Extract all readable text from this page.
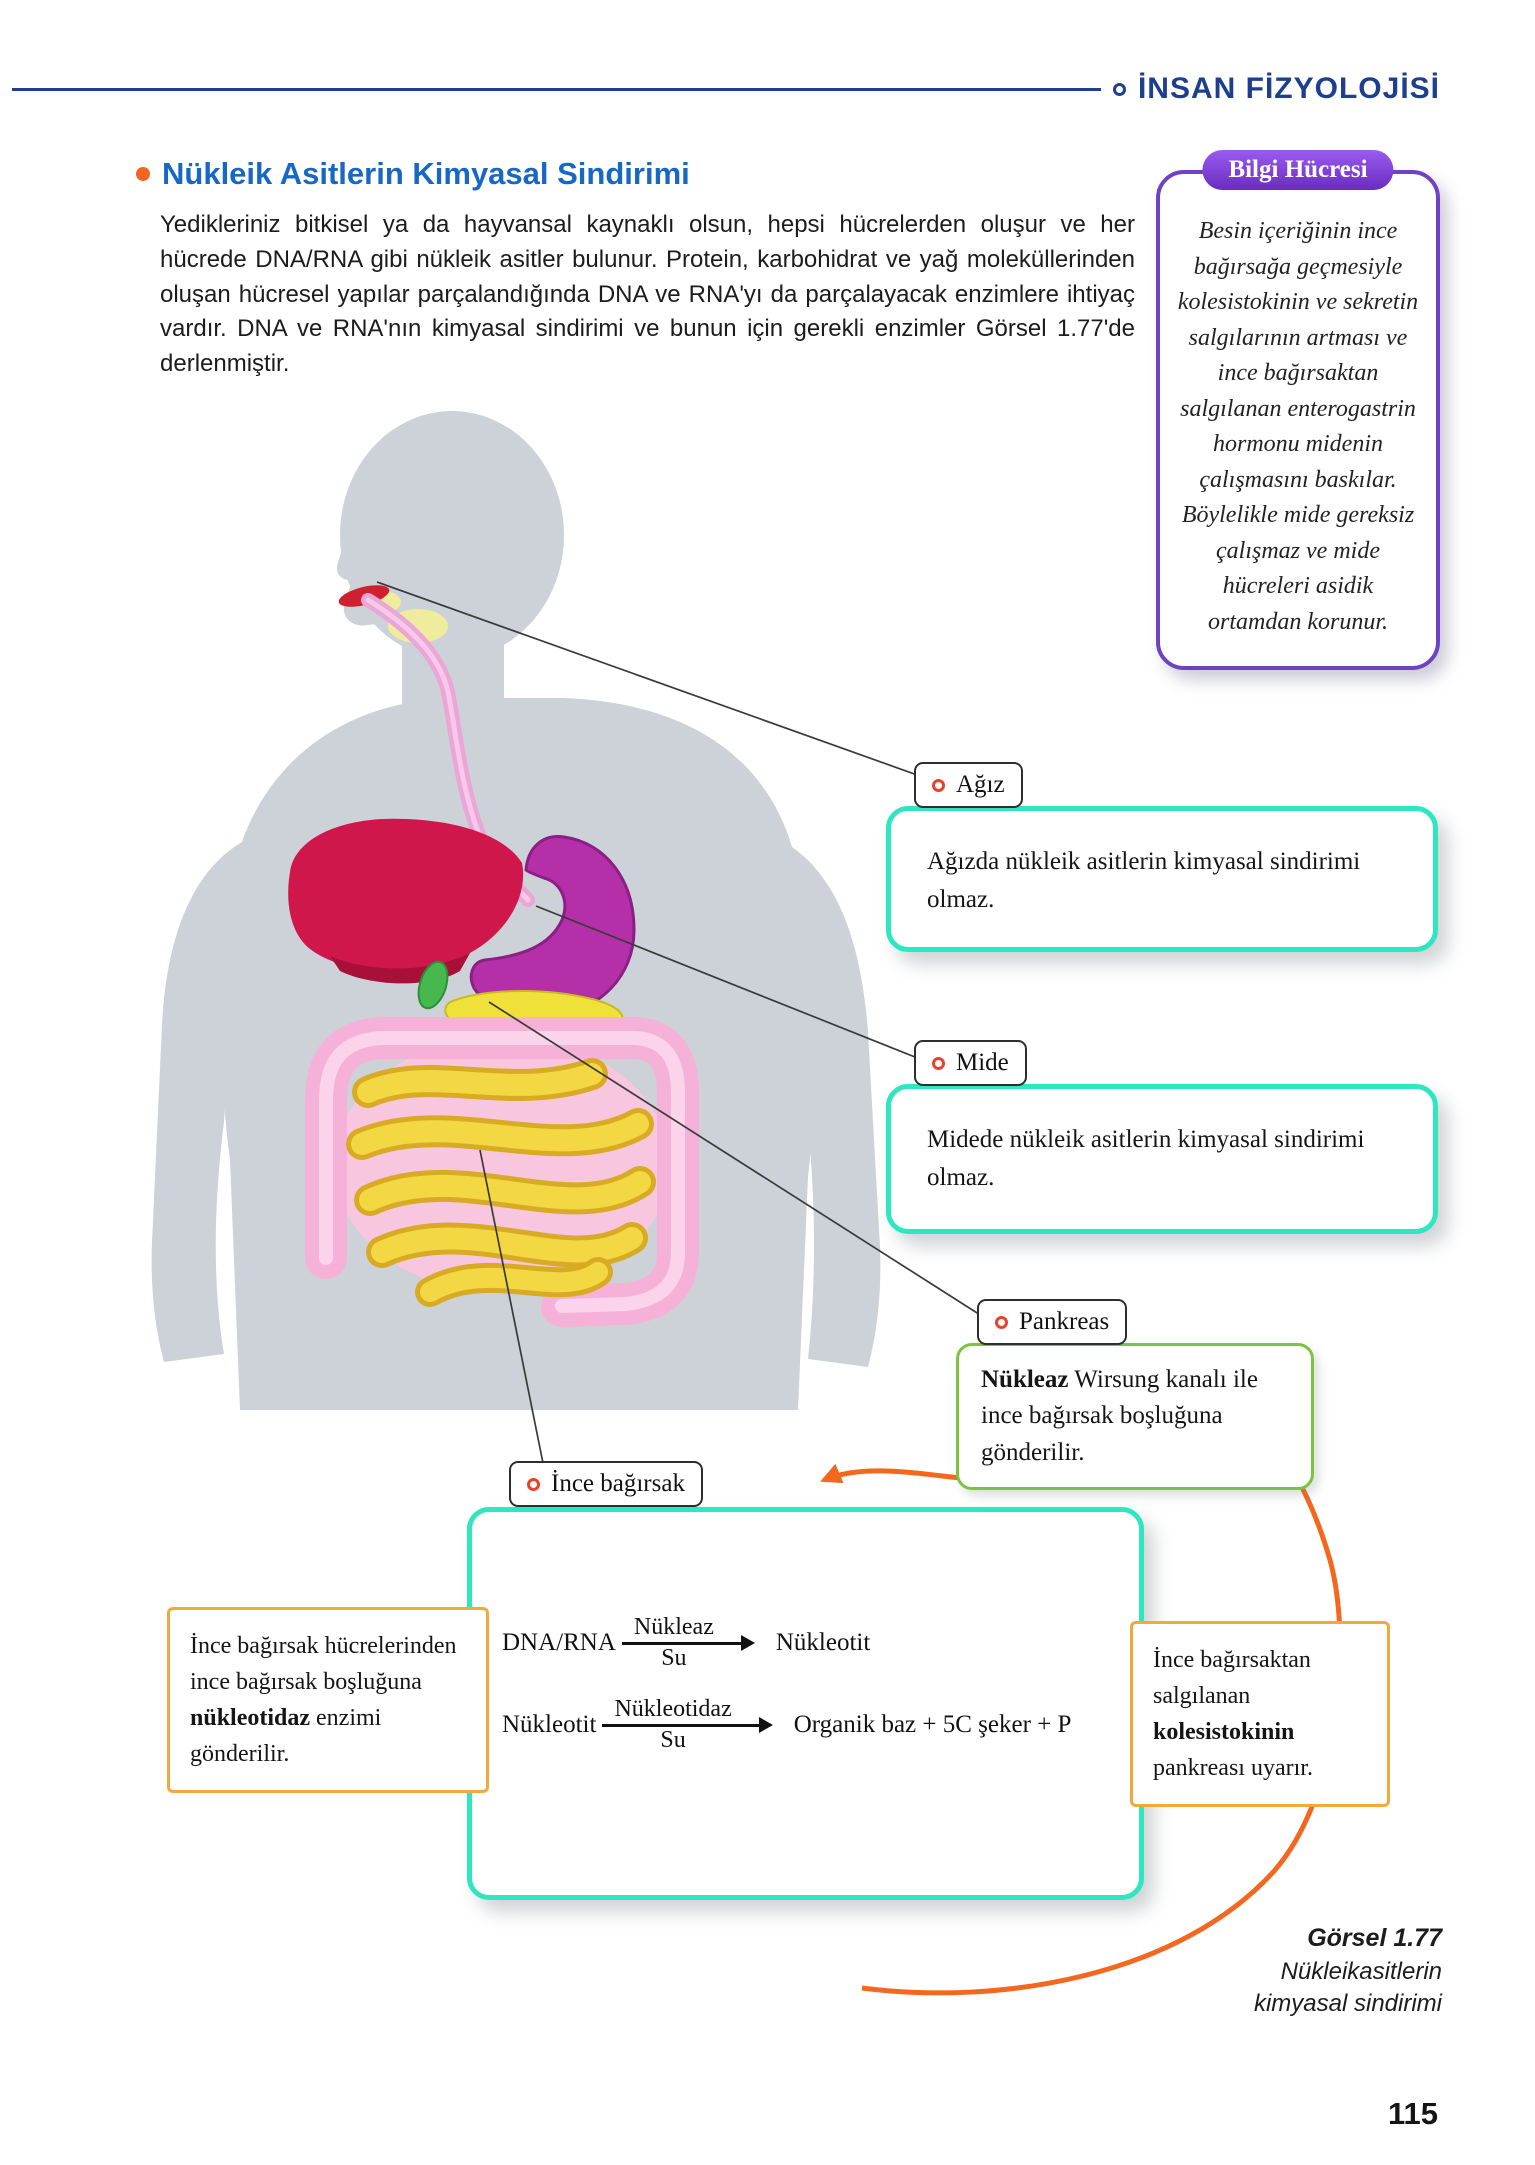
İNSAN FİZYOLOJİSİ
Nükleik Asitlerin Kimyasal Sindirimi

Yedikleriniz bitkisel ya da hayvansal kaynaklı olsun, hepsi hücrelerden oluşur ve her hücrede DNA/RNA gibi nükleik asitler bulunur. Protein, karbohidrat ve yağ moleküllerinden oluşan hücresel yapılar parçalandığında DNA ve RNA'yı da parçalayacak enzimlere ihtiyaç vardır. DNA ve RNA'nın kimyasal sindirimi ve bunun için gerekli enzimler Görsel 1.77'de derlenmiştir.

Bilgi Hücresi
Besin içeriğinin ince bağırsağa geçmesiyle kolesistokinin ve sekretin salgılarının artması ve ince bağırsaktan salgılanan enterogastrin hormonu midenin çalışmasını baskılar. Böylelikle mide gereksiz çalışmaz ve mide hücreleri asidik ortamdan korunur.
Ağız
Ağızda nükleik asitlerin kimyasal sindirimi olmaz.
Mide
Midede nükleik asitlerin kimyasal sindirimi olmaz.
Pankreas
Nükleaz Wirsung kanalı ile ince bağırsak boşluğuna gönderilir.
İnce bağırsak
$DNA/RNA \frac{\text{Nükleaz}}{Su}$ Nükleotit
Nükleotit $\frac{\text{Nükleotidaz}}{Su}$ Organik baz + 5C şeker + P
İnce bağırsak hücrelerinden ince bağırsak boşluğuna nükleotidaz enzimi gönderilir.
İnce bağırsaktan salgılanan kolesistokinin pankreası uyarır.
Görsel 1.77
Nükleikasitlerin
kimyasal sindirimi
115
